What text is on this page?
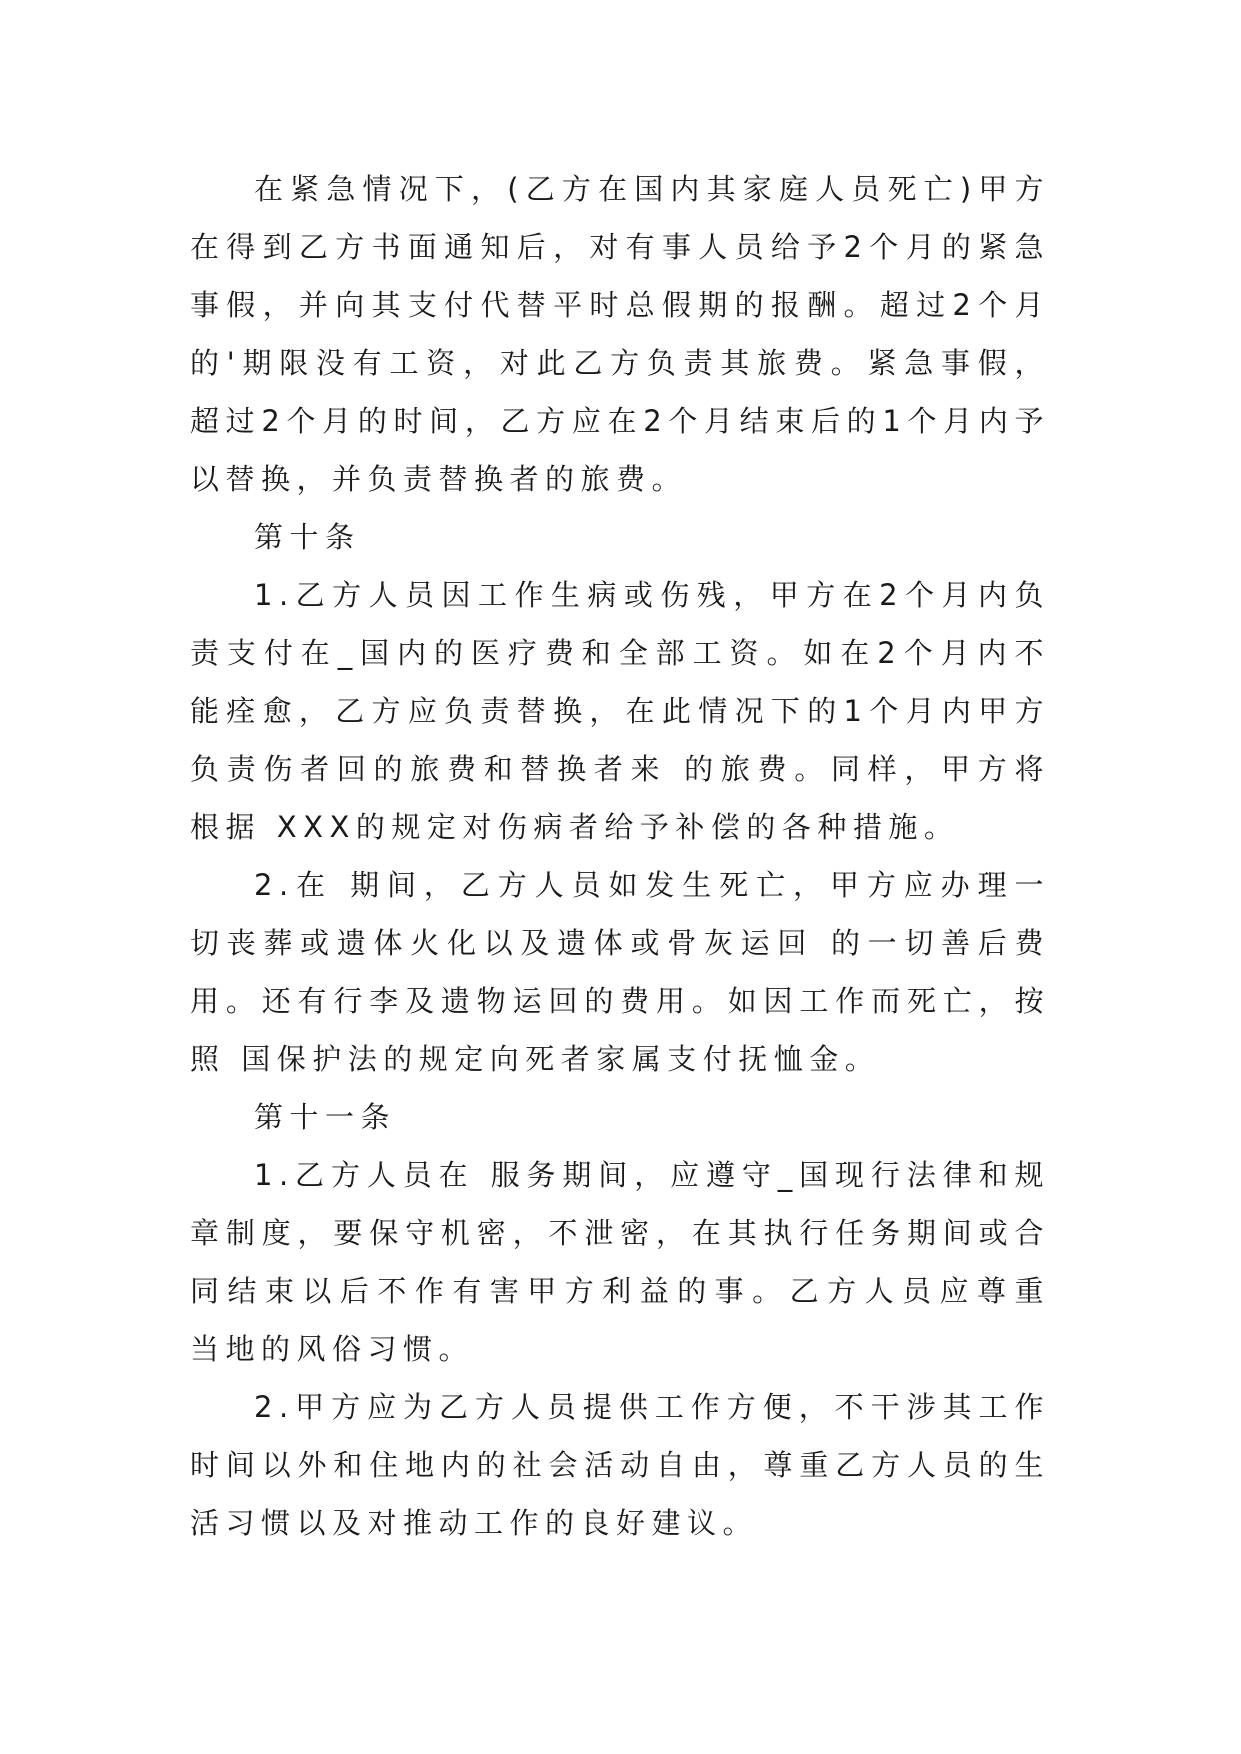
在紧急情况下，(乙方在国内其家庭人员死亡)甲方在得到乙方书面通知后，对有事人员给予2个月的紧急事假，并向其支付代替平时总假期的报酬。超过2个月的'期限没有工资，对此乙方负责其旅费。紧急事假，超过2个月的时间，乙方应在2个月结束后的1个月内予以替换，并负责替换者的旅费。

第十条

1.乙方人员因工作生病或伤残，甲方在2个月内负责支付在_国内的医疗费和全部工资。如在2个月内不能痊愈，乙方应负责替换，在此情况下的1个月内甲方负责伤者回的旅费和替换者来 的旅费。同样，甲方将根据 XXX的规定对伤病者给予补偿的各种措施。

2.在 期间，乙方人员如发生死亡，甲方应办理一切丧葬或遗体火化以及遗体或骨灰运回 的一切善后费用。还有行李及遗物运回的费用。如因工作而死亡，按照 国保护法的规定向死者家属支付抚恤金。

第十一条

1.乙方人员在 服务期间，应遵守_国现行法律和规章制度，要保守机密，不泄密，在其执行任务期间或合同结束以后不作有害甲方利益的事。乙方人员应尊重 当地的风俗习惯。

2.甲方应为乙方人员提供工作方便，不干涉其工作时间以外和住地内的社会活动自由，尊重乙方人员的生活习惯以及对推动工作的良好建议。
